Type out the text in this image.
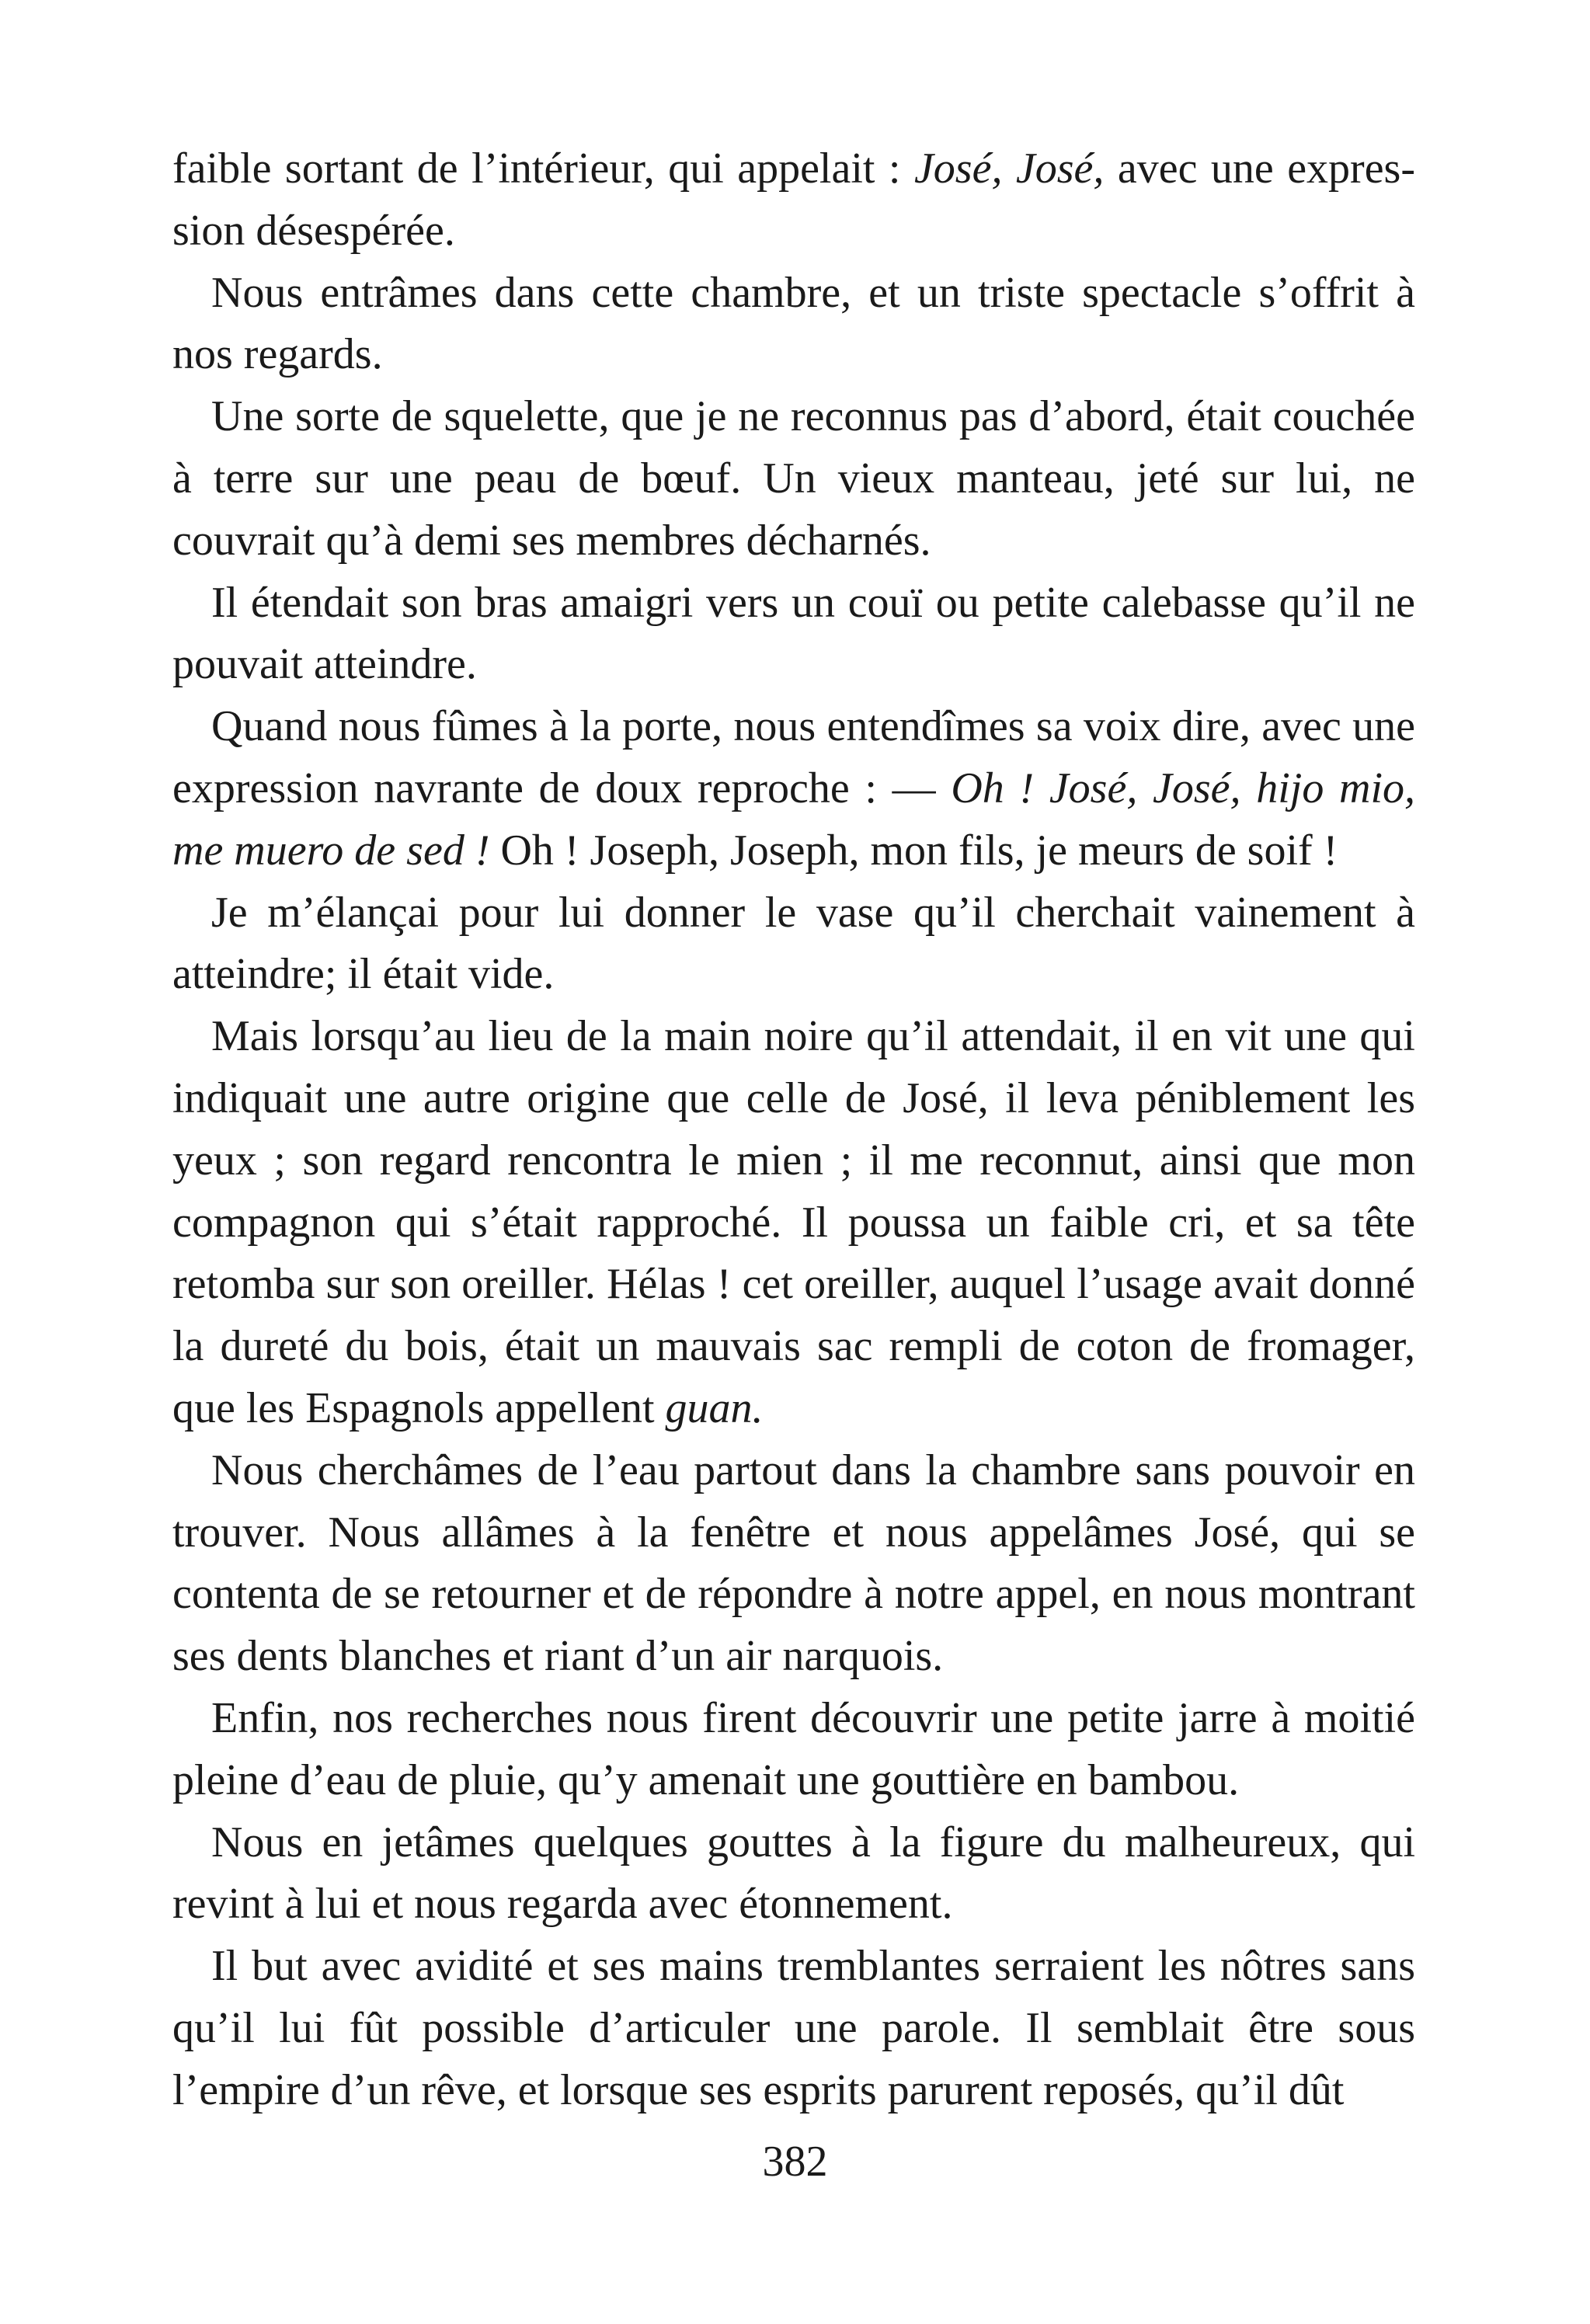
faible sortant de l’intérieur, qui appelait : José, José, avec une expression désespérée.

Nous entrâmes dans cette chambre, et un triste spectacle s’offrit à nos regards.

Une sorte de squelette, que je ne reconnus pas d’abord, était couchée à terre sur une peau de bœuf. Un vieux manteau, jeté sur lui, ne couvrait qu’à demi ses membres décharnés.

Il étendait son bras amaigri vers un couï ou petite calebasse qu’il ne pouvait atteindre.

Quand nous fûmes à la porte, nous entendîmes sa voix dire, avec une expression navrante de doux reproche : — Oh ! José, José, hijo mio, me muero de sed ! Oh ! Joseph, Joseph, mon fils, je meurs de soif !

Je m’élançai pour lui donner le vase qu’il cherchait vainement à atteindre; il était vide.

Mais lorsqu’au lieu de la main noire qu’il attendait, il en vit une qui indiquait une autre origine que celle de José, il leva péniblement les yeux ; son regard rencontra le mien ; il me reconnut, ainsi que mon compagnon qui s’était rapproché. Il poussa un faible cri, et sa tête retomba sur son oreiller. Hélas ! cet oreiller, auquel l’usage avait donné la dureté du bois, était un mauvais sac rempli de coton de fromager, que les Espagnols appellent guan.

Nous cherchâmes de l’eau partout dans la chambre sans pouvoir en trouver. Nous allâmes à la fenêtre et nous appelâmes José, qui se contenta de se retourner et de répondre à notre appel, en nous montrant ses dents blanches et riant d’un air narquois.

Enfin, nos recherches nous firent découvrir une petite jarre à moitié pleine d’eau de pluie, qu’y amenait une gouttière en bambou.

Nous en jetâmes quelques gouttes à la figure du malheureux, qui revint à lui et nous regarda avec étonnement.

Il but avec avidité et ses mains tremblantes serraient les nôtres sans qu’il lui fût possible d’articuler une parole. Il semblait être sous l’empire d’un rêve, et lorsque ses esprits parurent reposés, qu’il dût

382
